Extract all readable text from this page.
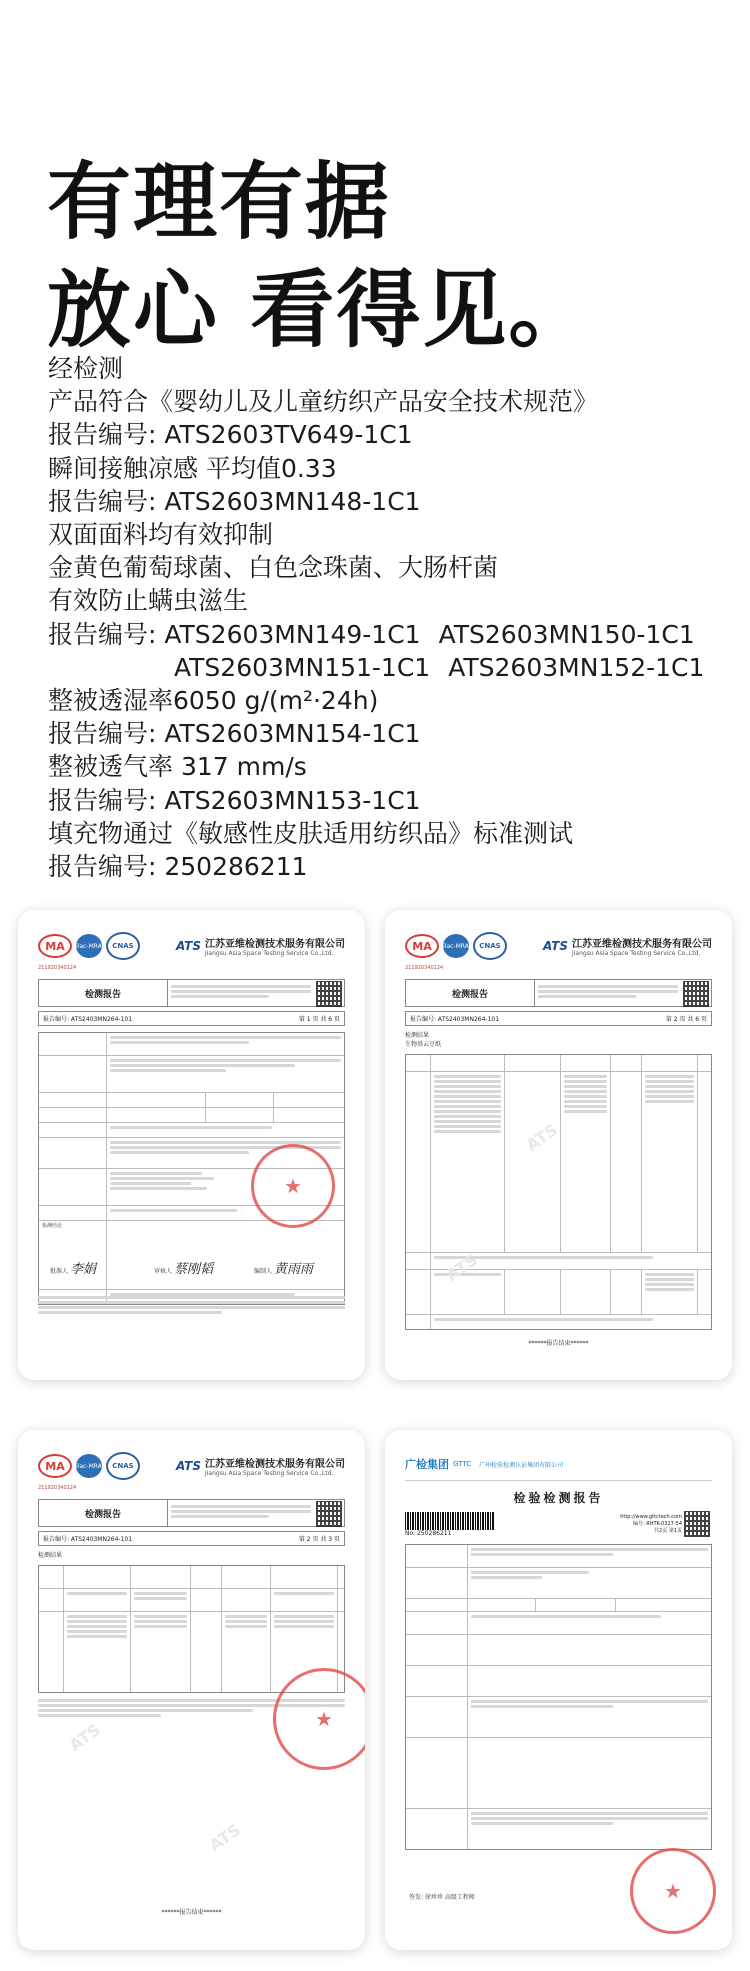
有理有据
放心 看得见。
经检测
产品符合《婴幼儿及儿童纺织产品安全技术规范》
报告编号: ATS2603TV649-1C1
瞬间接触凉感 平均值0.33
报告编号: ATS2603MN148-1C1
双面面料均有效抑制
金黄色葡萄球菌、白色念珠菌、大肠杆菌
有效防止螨虫滋生
报告编号: ATS2603MN149-1C1 ATS2603MN150-1C1
ATS2603MN151-1C1 ATS2603MN152-1C1
整被透湿率6050 g/(m²·24h)
报告编号: ATS2603MN154-1C1
整被透气率 317 mm/s
报告编号: ATS2603MN153-1C1
填充物通过《敏感性皮肤适用纺织品》标准测试
报告编号: 250286211
MA	ilac-MRA	CNAS	ATS 江苏亚维检测技术服务有限公司
Jiangsu Asia Space Testing Service Co.,Ltd.
211920340124
检测报告
报告编号: ATS2403MN264-101	第 1 页 共 6 页
检测结论
★
批准人 李娟	审核人 蔡刚韬	编制人 黄雨雨
MA	ilac-MRA	CNAS	ATS 江苏亚维检测技术服务有限公司
Jiangsu Asia Space Testing Service Co.,Ltd.
211920340124
检测报告
报告编号: ATS2403MN264-101	第 2 页 共 6 页
检测结果
生物基云豆纸
******报告结束******
ATS
ATS
MA	ilac-MRA	CNAS	ATS 江苏亚维检测技术服务有限公司
Jiangsu Asia Space Testing Service Co.,Ltd.
211920340124
检测报告
报告编号: ATS2403MN264-101	第 2 页 共 3 页
检测结果
★
******报告结束******
ATS
ATS
广检集团 GTTC 广州检验检测认证集团有限公司
检验检测报告
No: 250286211
http://www.gttctech.com
编号: RHTK-0327-54
共2页 第1页
★
签发: 徐珍珍 高级工程师
